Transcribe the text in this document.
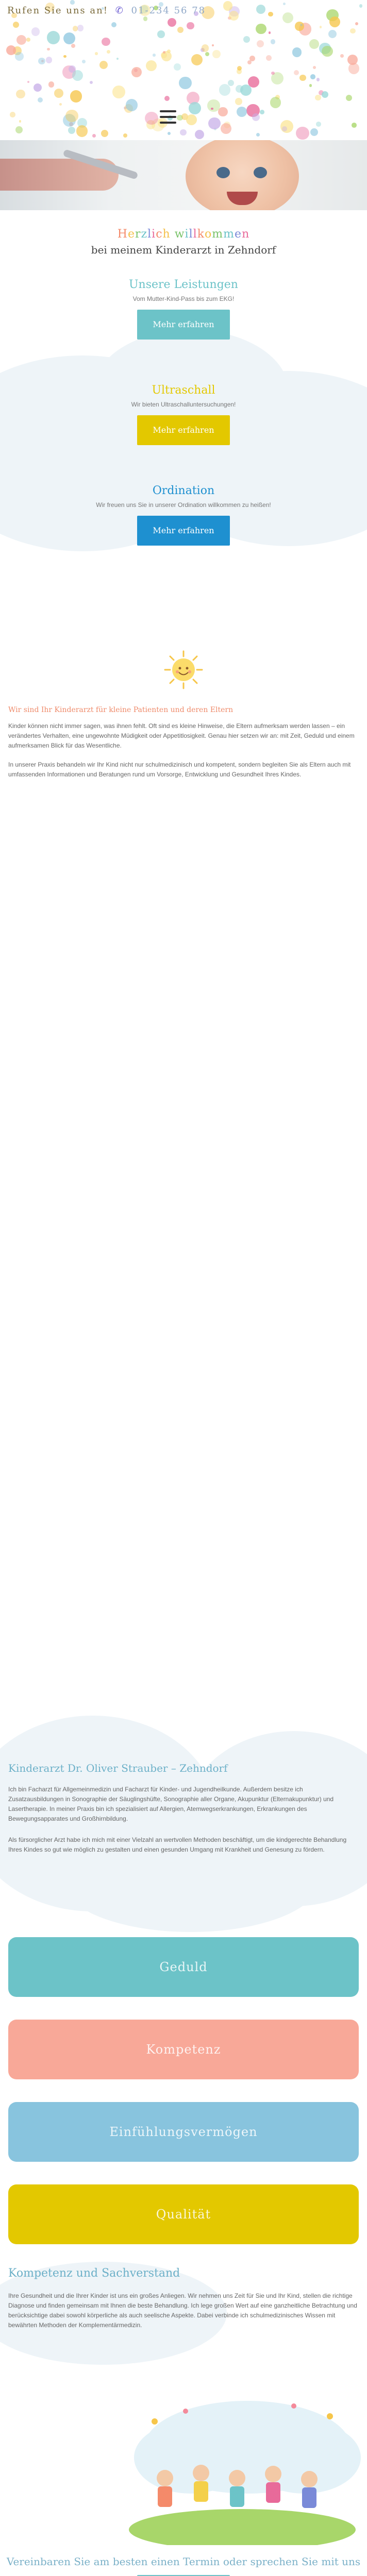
Rufen Sie uns an! ✆ 01-234 56 78
Herzlich willkommen
bei meinem Kinderarzt in Zehndorf
Unsere Leistungen

Vom Mutter-Kind-Pass bis zum EKG!

Mehr erfahren
Ultraschall

Wir bieten Ultraschalluntersuchungen!

Mehr erfahren
Ordination

Wir freuen uns Sie in unserer Ordination willkommen zu heißen!

Mehr erfahren
Wir sind Ihr Kinderarzt für kleine Patienten und deren Eltern

Kinder können nicht immer sagen, was ihnen fehlt. Oft sind es kleine Hinweise, die Eltern aufmerksam werden lassen – ein verändertes Verhalten, eine ungewohnte Müdigkeit oder Appetitlosigkeit. Genau hier setzen wir an: mit Zeit, Geduld und einem aufmerksamen Blick für das Wesentliche.

In unserer Praxis behandeln wir Ihr Kind nicht nur schulmedizinisch und kompetent, sondern begleiten Sie als Eltern auch mit umfassenden Informationen und Beratungen rund um Vorsorge, Entwicklung und Gesundheit Ihres Kindes.

Kinderarzt Dr. Oliver Strauber – Zehndorf

Ich bin Facharzt für Allgemeinmedizin und Facharzt für Kinder- und Jugendheilkunde. Außerdem besitze ich Zusatzausbildungen in Sonographie der Säuglingshüfte, Sonographie aller Organe, Akupunktur (Elternakupunktur) und Lasertherapie. In meiner Praxis bin ich spezialisiert auf Allergien, Atemwegserkrankungen, Erkrankungen des Bewegungsapparates und Großhirnbildung.

Als fürsorglicher Arzt habe ich mich mit einer Vielzahl an wertvollen Methoden beschäftigt, um die kindgerechte Behandlung Ihres Kindes so gut wie möglich zu gestalten und einen gesunden Umgang mit Krankheit und Genesung zu fördern.

Geduld
Kompetenz
Einfühlungsvermögen
Qualität
Kompetenz und Sachverstand

Ihre Gesundheit und die Ihrer Kinder ist uns ein großes Anliegen. Wir nehmen uns Zeit für Sie und Ihr Kind, stellen die richtige Diagnose und finden gemeinsam mit Ihnen die beste Behandlung. Ich lege großen Wert auf eine ganzheitliche Betrachtung und berücksichtige dabei sowohl körperliche als auch seelische Aspekte. Dabei verbinde ich schulmedizinisches Wissen mit bewährten Methoden der Komplementärmedizin.

Vereinbaren Sie am besten einen Termin oder sprechen Sie mit uns
